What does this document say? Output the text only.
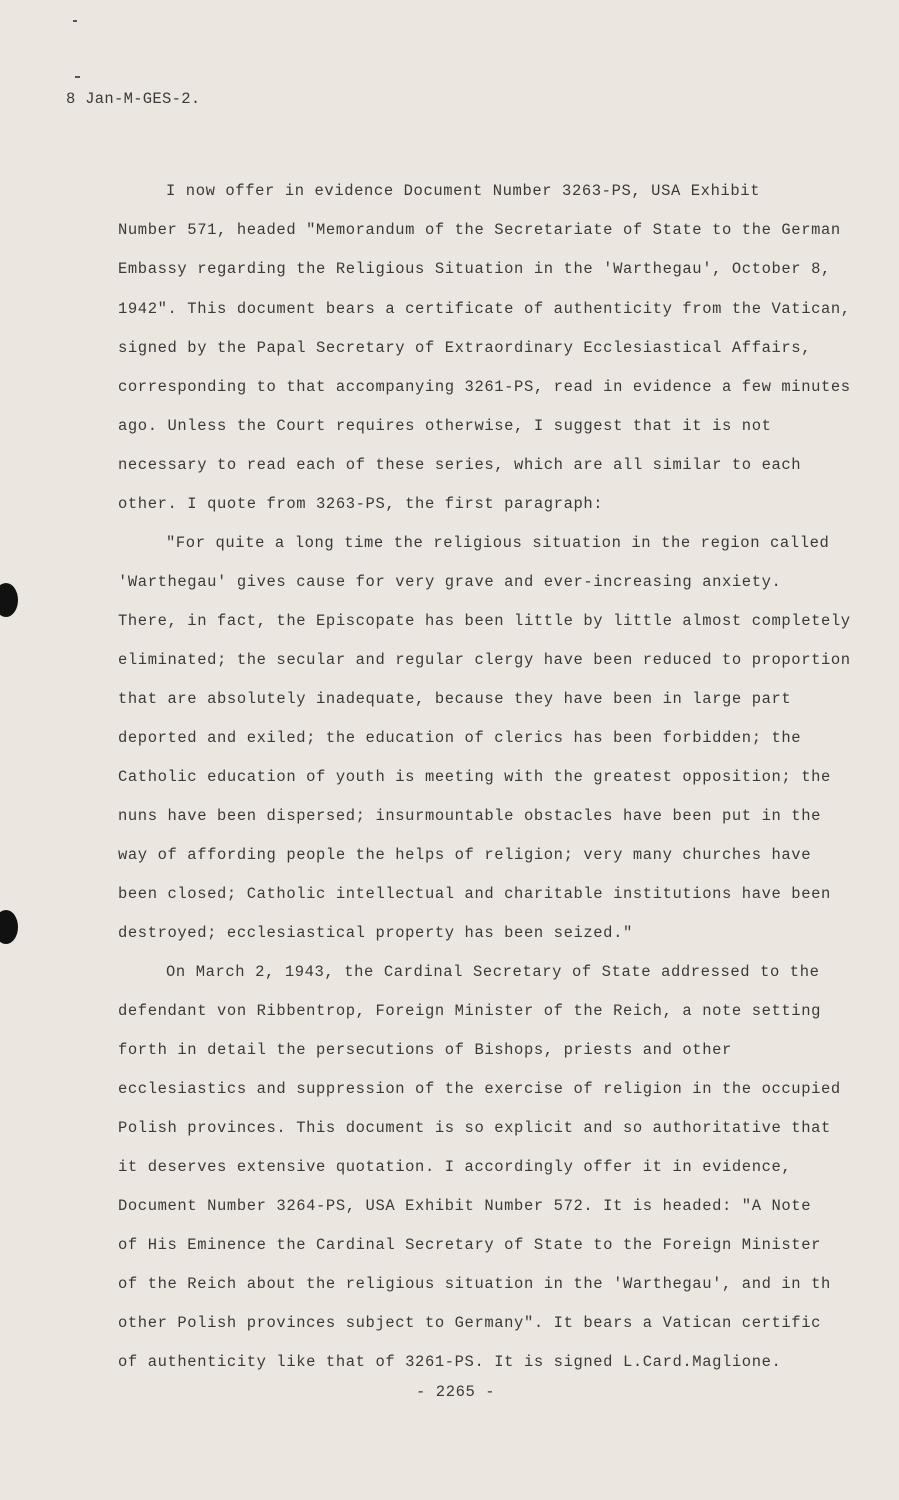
8 Jan-M-GES-2.
I now offer in evidence Document Number 3263-PS, USA Exhibit
Number 571, headed "Memorandum of the Secretariate of State to the German
Embassy regarding the Religious Situation in the 'Warthegau', October 8,
1942". This document bears a certificate of authenticity from the Vatican,
signed by the Papal Secretary of Extraordinary Ecclesiastical Affairs,
corresponding to that accompanying 3261-PS, read in evidence a few minutes
ago. Unless the Court requires otherwise, I suggest that it is not
necessary to read each of these series, which are all similar to each
other. I quote from 3263-PS, the first paragraph:
"For quite a long time the religious situation in the region called
'Warthegau' gives cause for very grave and ever-increasing anxiety.
There, in fact, the Episcopate has been little by little almost completely
eliminated; the secular and regular clergy have been reduced to proportion
that are absolutely inadequate, because they have been in large part
deported and exiled; the education of clerics has been forbidden; the
Catholic education of youth is meeting with the greatest opposition; the
nuns have been dispersed; insurmountable obstacles have been put in the
way of affording people the helps of religion; very many churches have
been closed; Catholic intellectual and charitable institutions have been
destroyed; ecclesiastical property has been seized."
On March 2, 1943, the Cardinal Secretary of State addressed to the
defendant von Ribbentrop, Foreign Minister of the Reich, a note setting
forth in detail the persecutions of Bishops, priests and other
ecclesiastics and suppression of the exercise of religion in the occupied
Polish provinces. This document is so explicit and so authoritative that
it deserves extensive quotation. I accordingly offer it in evidence,
Document Number 3264-PS, USA Exhibit Number 572. It is headed: "A Note
of His Eminence the Cardinal Secretary of State to the Foreign Minister
of the Reich about the religious situation in the 'Warthegau', and in th
other Polish provinces subject to Germany". It bears a Vatican certific
of authenticity like that of 3261-PS. It is signed L.Card.Maglione.
- 2265 -
